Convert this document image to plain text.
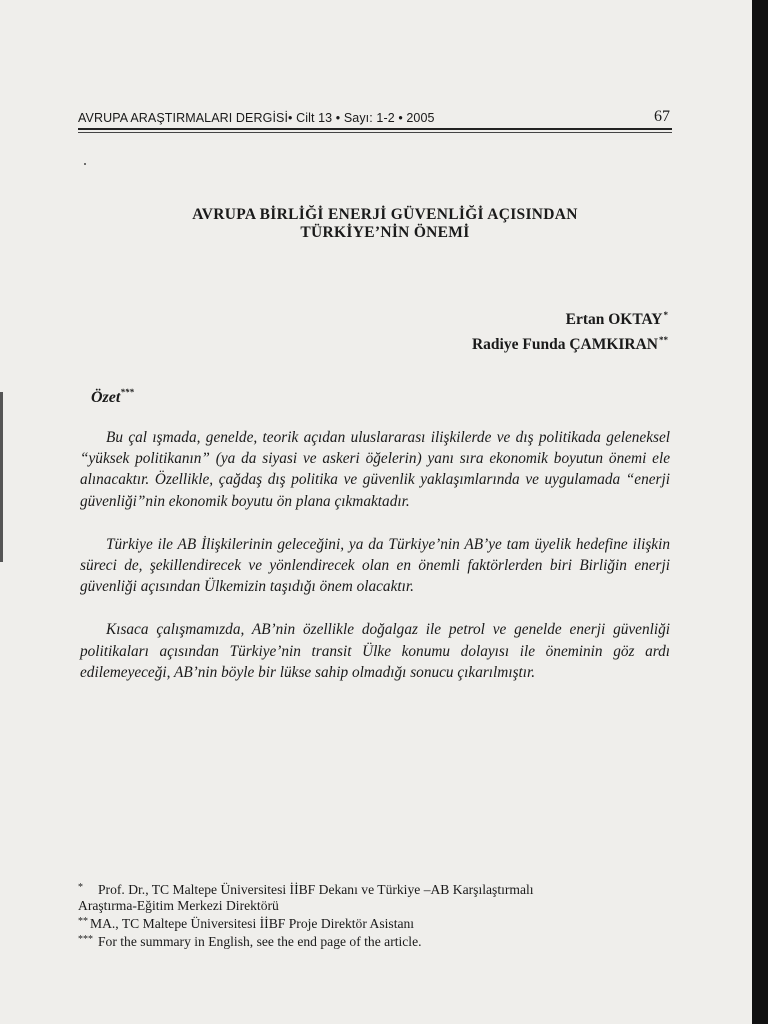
AVRUPA ARAŞTIRMALARI DERGİSİ• Cilt 13 • Sayı: 1-2 • 2005	67
AVRUPA BİRLİĞİ ENERJİ GÜVENLİĞİ AÇISINDAN
TÜRKİYE’NİN ÖNEMİ
Ertan OKTAY*
Radiye Funda ÇAMKIRAN**
Özet***

Bu çal ışmada, genelde, teorik açıdan uluslararası ilişkilerde ve dış politikada geleneksel “yüksek politikanın” (ya da siyasi ve askeri öğelerin) yanı sıra ekonomik boyutun önemi ele alınacaktır. Özellikle, çağdaş dış politika ve güvenlik yaklaşımlarında ve uygulamada “enerji güvenliği”nin ekonomik boyutu ön plana çıkmaktadır.

Türkiye ile AB İlişkilerinin geleceğini, ya da Türkiye’nin AB’ye tam üyelik hedefine ilişkin süreci de, şekillendirecek ve yönlendirecek olan en önemli faktörlerden biri Birliğin enerji güvenliği açısından Ülkemizin taşıdığı önem olacaktır.

Kısaca çalışmamızda, AB’nin özellikle doğalgaz ile petrol ve genelde enerji güvenliği politikaları açısından Türkiye’nin transit Ülke konumu dolayısı ile öneminin göz ardı edilemeyeceği, AB’nin böyle bir lükse sahip olmadığı sonucu çıkarılmıştır.

* Prof. Dr., TC Maltepe Üniversitesi İİBF Dekanı ve Türkiye –AB Karşılaştırmalı
Araştırma-Eğitim Merkezi Direktörü
** MA., TC Maltepe Üniversitesi İİBF Proje Direktör Asistanı
*** For the summary in English, see the end page of the article.
